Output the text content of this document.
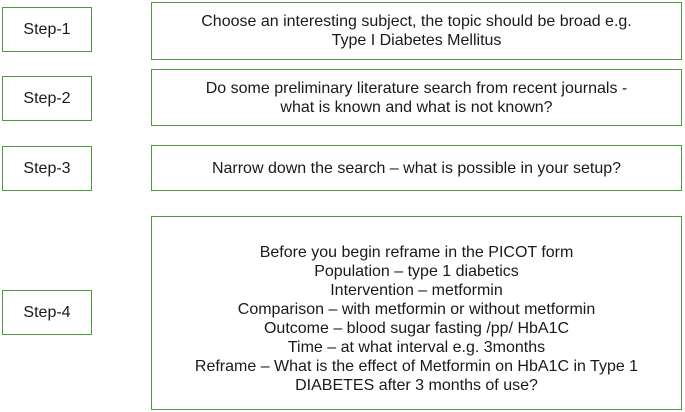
Step-1	Choose an interesting subject, the topic should be broad e.g.
Type I Diabetes Mellitus
Step-2
Do some preliminary literature search from recent journals -
what is known and what is not known?
Step-3	Narrow down the search – what is possible in your setup?
Step-4
Before you begin reframe in the PICOT form
Population – type 1 diabetics
Intervention – metformin
Comparison – with metformin or without metformin
Outcome – blood sugar fasting /pp/ HbA1C
Time – at what interval e.g. 3months
Reframe – What is the effect of Metformin on HbA1C in Type 1
DIABETES after 3 months of use?
